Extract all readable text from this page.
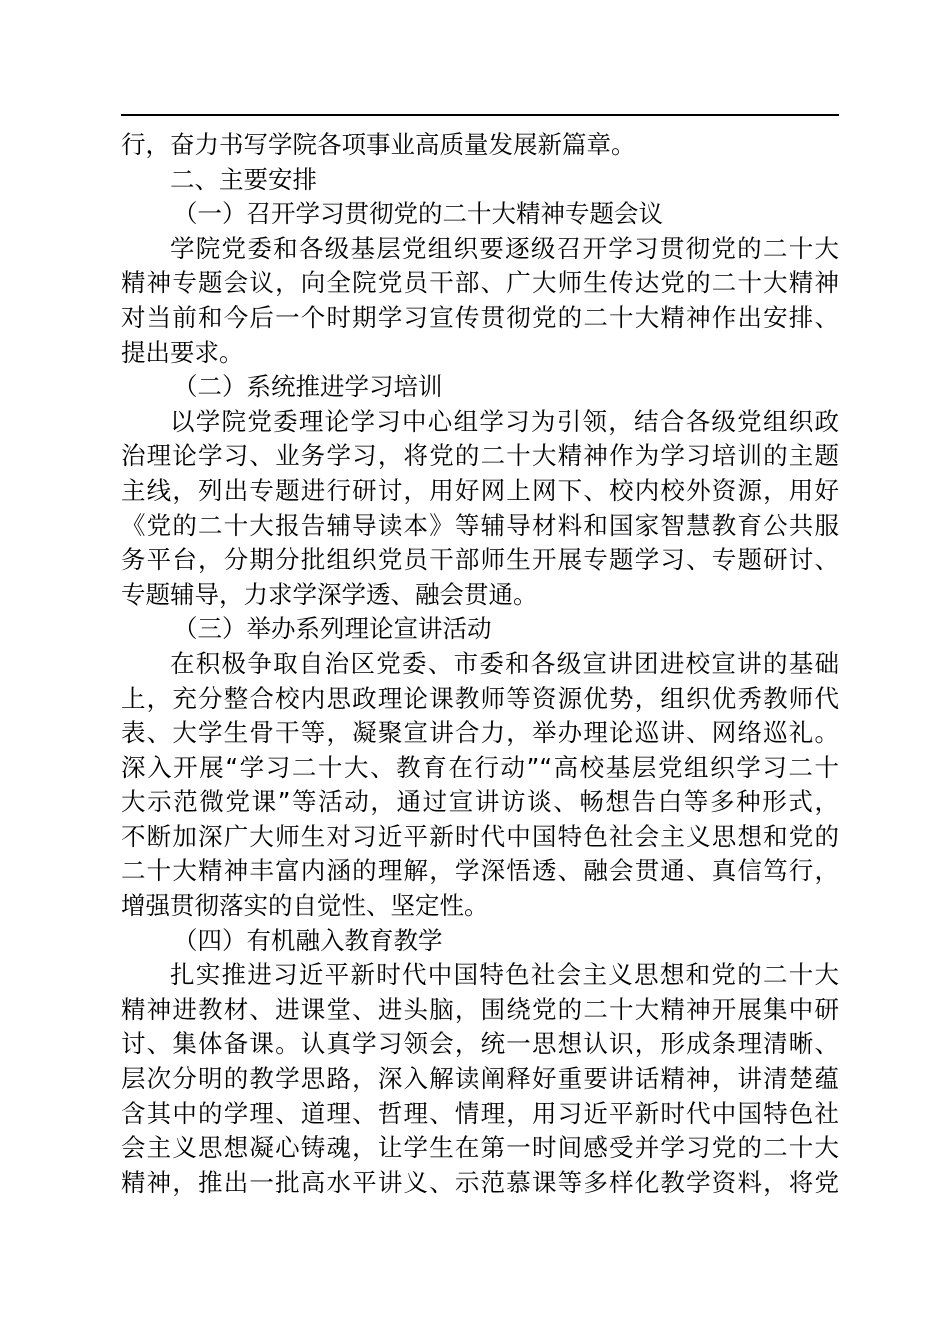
行，奋力书写学院各项事业高质量发展新篇章。
二、主要安排
（一）召开学习贯彻党的二十大精神专题会议
学院党委和各级基层党组织要逐级召开学习贯彻党的二十大
精神专题会议，向全院党员干部、广大师生传达党的二十大精神
对当前和今后一个时期学习宣传贯彻党的二十大精神作出安排、
提出要求。
（二）系统推进学习培训
以学院党委理论学习中心组学习为引领，结合各级党组织政
治理论学习、业务学习，将党的二十大精神作为学习培训的主题
主线，列出专题进行研讨，用好网上网下、校内校外资源，用好
《党的二十大报告辅导读本》等辅导材料和国家智慧教育公共服
务平台，分期分批组织党员干部师生开展专题学习、专题研讨、
专题辅导，力求学深学透、融会贯通。
（三）举办系列理论宣讲活动
在积极争取自治区党委、市委和各级宣讲团进校宣讲的基础
上，充分整合校内思政理论课教师等资源优势，组织优秀教师代
表、大学生骨干等，凝聚宣讲合力，举办理论巡讲、网络巡礼。
深入开展“学习二十大、教育在行动”“高校基层党组织学习二十
大示范微党课”等活动，通过宣讲访谈、畅想告白等多种形式，
不断加深广大师生对习近平新时代中国特色社会主义思想和党的
二十大精神丰富内涵的理解，学深悟透、融会贯通、真信笃行，
增强贯彻落实的自觉性、坚定性。
（四）有机融入教育教学
扎实推进习近平新时代中国特色社会主义思想和党的二十大
精神进教材、进课堂、进头脑，围绕党的二十大精神开展集中研
讨、集体备课。认真学习领会，统一思想认识，形成条理清晰、
层次分明的教学思路，深入解读阐释好重要讲话精神，讲清楚蕴
含其中的学理、道理、哲理、情理，用习近平新时代中国特色社
会主义思想凝心铸魂，让学生在第一时间感受并学习党的二十大
精神，推出一批高水平讲义、示范慕课等多样化教学资料，将党
